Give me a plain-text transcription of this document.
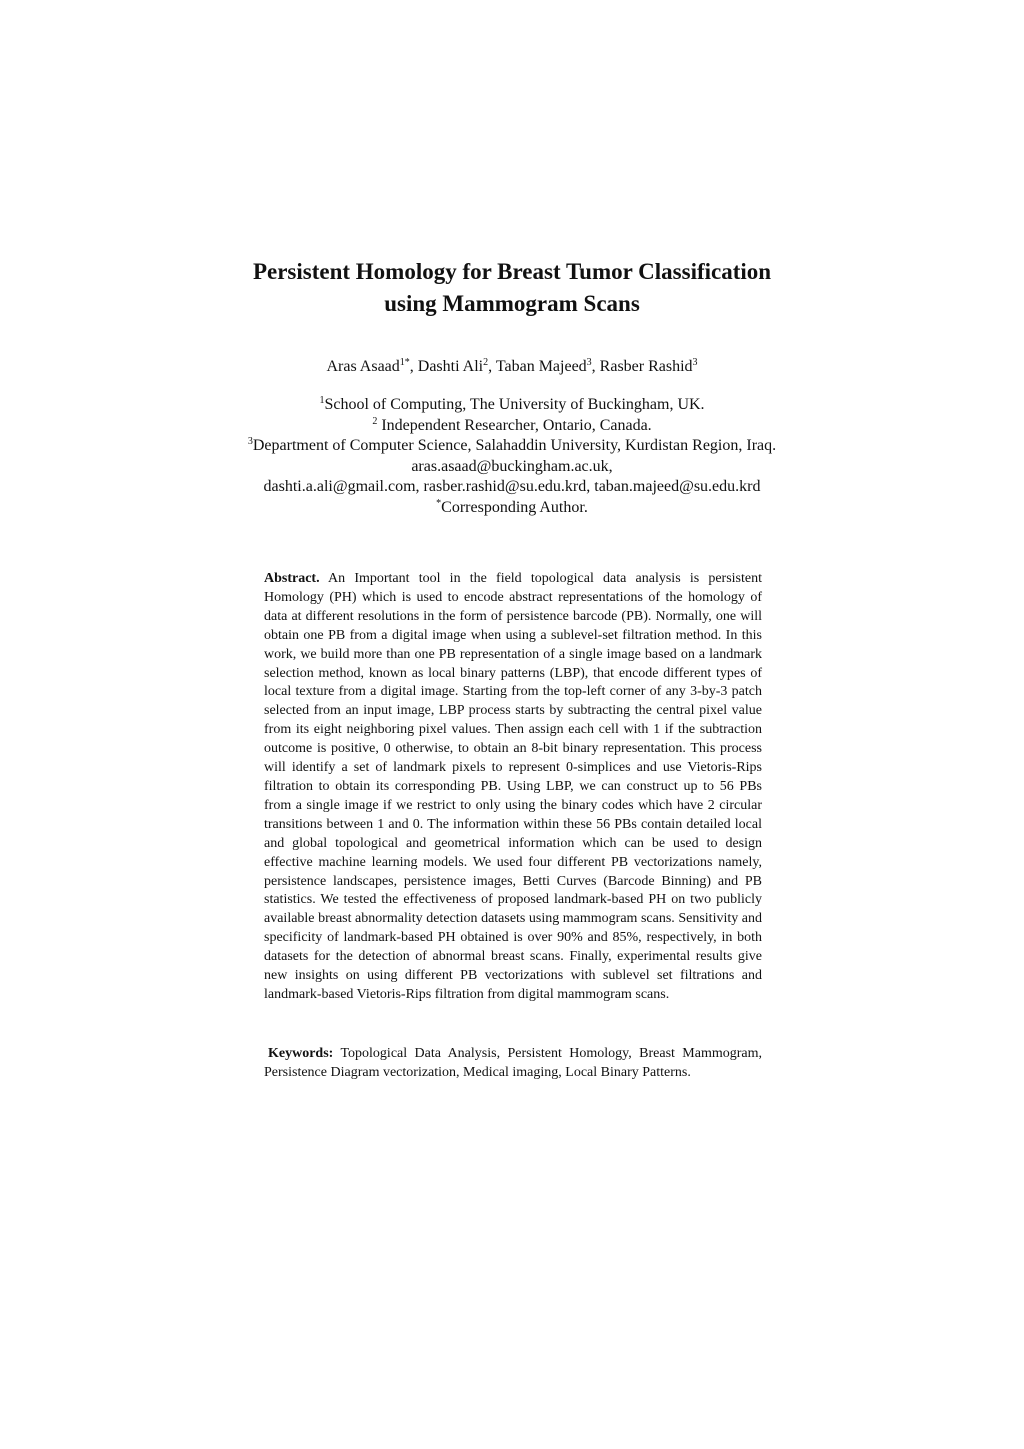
Persistent Homology for Breast Tumor Classification
using Mammogram Scans
Aras Asaad$^{1*}$, Dashti Ali$^2$, Taban Majeed$^3$, Rasber Rashid$^3$
$^1$School of Computing, The University of Buckingham, UK.
$^2$ Independent Researcher, Ontario, Canada.
$^3$Department of Computer Science, Salahaddin University, Kurdistan Region, Iraq.
aras.asaad@buckingham.ac.uk,
dashti.a.ali@gmail.com, rasber.rashid@su.edu.krd, taban.majeed@su.edu.krd
*Corresponding Author.
Abstract. An Important tool in the field topological data analysis is persistent Homology (PH) which is used to encode abstract representations of the homology of data at different resolutions in the form of persistence barcode (PB). Normally, one will obtain one PB from a digital image when using a sublevel-set filtration method. In this work, we build more than one PB representation of a single image based on a landmark selection method, known as local binary patterns (LBP), that encode different types of local texture from a digital image. Starting from the top-left corner of any 3-by-3 patch selected from an input image, LBP process starts by subtracting the central pixel value from its eight neighboring pixel values. Then assign each cell with 1 if the subtraction outcome is positive, 0 otherwise, to obtain an 8-bit binary representation. This process will identify a set of landmark pixels to represent 0-simplices and use Vietoris-Rips filtration to obtain its corresponding PB. Using LBP, we can construct up to 56 PBs from a single image if we restrict to only using the binary codes which have 2 circular transitions between 1 and 0. The information within these 56 PBs contain detailed local and global topological and geometrical information which can be used to design effective machine learning models. We used four different PB vectorizations namely, persistence landscapes, persistence images, Betti Curves (Barcode Binning) and PB statistics. We tested the effectiveness of proposed landmark-based PH on two publicly available breast abnormality detection datasets using mammogram scans. Sensitivity and specificity of landmark-based PH obtained is over 90% and 85%, respectively, in both datasets for the detection of abnormal breast scans. Finally, experimental results give new insights on using different PB vectorizations with sublevel set filtrations and landmark-based Vietoris-Rips filtration from digital mammogram scans.
Keywords: Topological Data Analysis, Persistent Homology, Breast Mammogram, Persistence Diagram vectorization, Medical imaging, Local Binary Patterns.
